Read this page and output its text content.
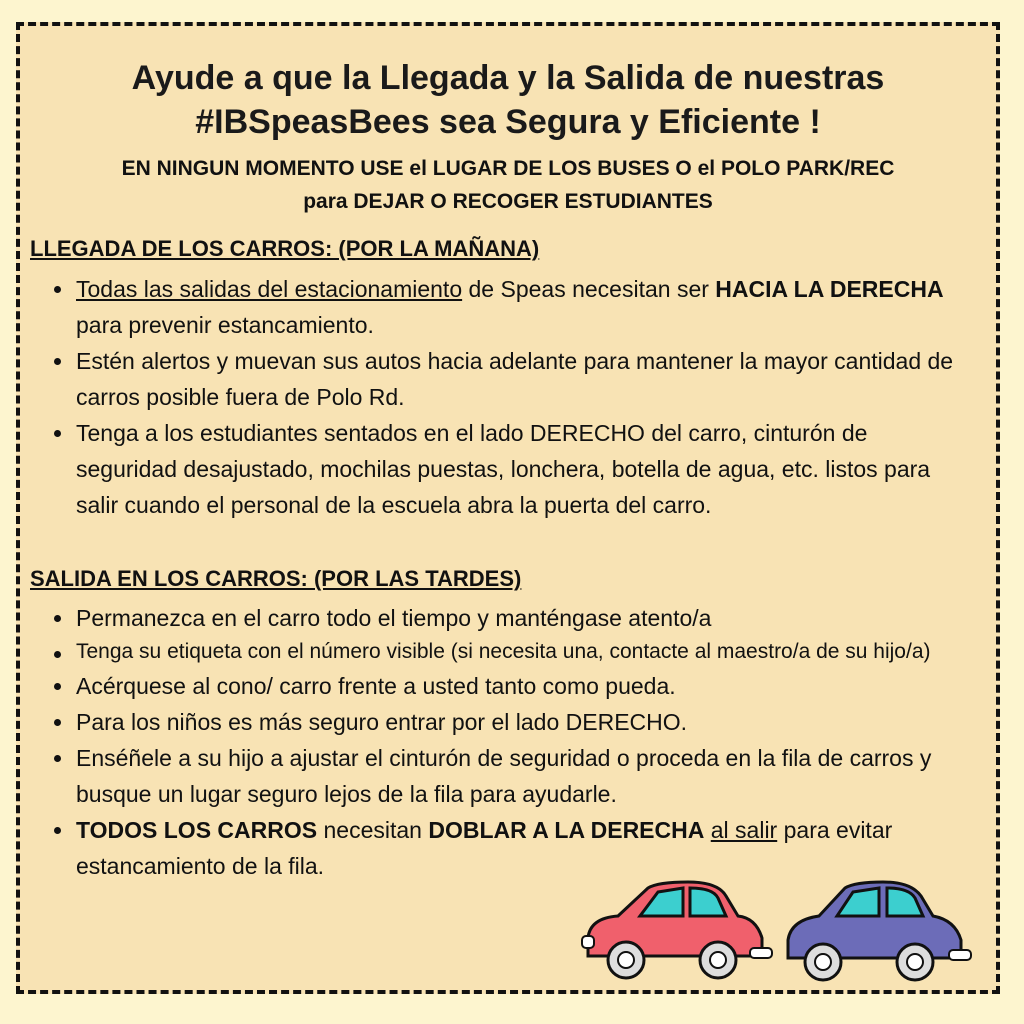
Ayude a que la Llegada y la Salida de nuestras
#IBSpeasBees sea Segura y Eficiente !
EN NINGUN MOMENTO USE el LUGAR DE LOS BUSES O el POLO PARK/REC
para DEJAR O RECOGER ESTUDIANTES
LLEGADA DE LOS CARROS: (POR LA MAÑANA)
Todas las salidas del estacionamiento de Speas necesitan ser HACIA LA DERECHA para prevenir estancamiento.
Estén alertos y muevan sus autos hacia adelante para mantener la mayor cantidad de carros posible fuera de Polo Rd.
Tenga a los estudiantes sentados en el lado DERECHO del carro, cinturón de seguridad desajustado, mochilas puestas, lonchera, botella de agua, etc. listos para salir cuando el personal de la escuela abra la puerta del carro.
SALIDA EN LOS CARROS: (POR LAS TARDES)
Permanezca en el carro todo el tiempo y manténgase atento/a
Tenga su etiqueta con el número visible (si necesita una, contacte al maestro/a de su hijo/a)
Acérquese al cono/ carro frente a usted tanto como pueda.
Para los niños es más seguro entrar por el lado DERECHO.
Enséñele a su hijo a ajustar el cinturón de seguridad o proceda en la fila de carros y busque un lugar seguro lejos de la fila para ayudarle.
TODOS LOS CARROS necesitan DOBLAR A LA DERECHA al salir para evitar estancamiento de la fila.
